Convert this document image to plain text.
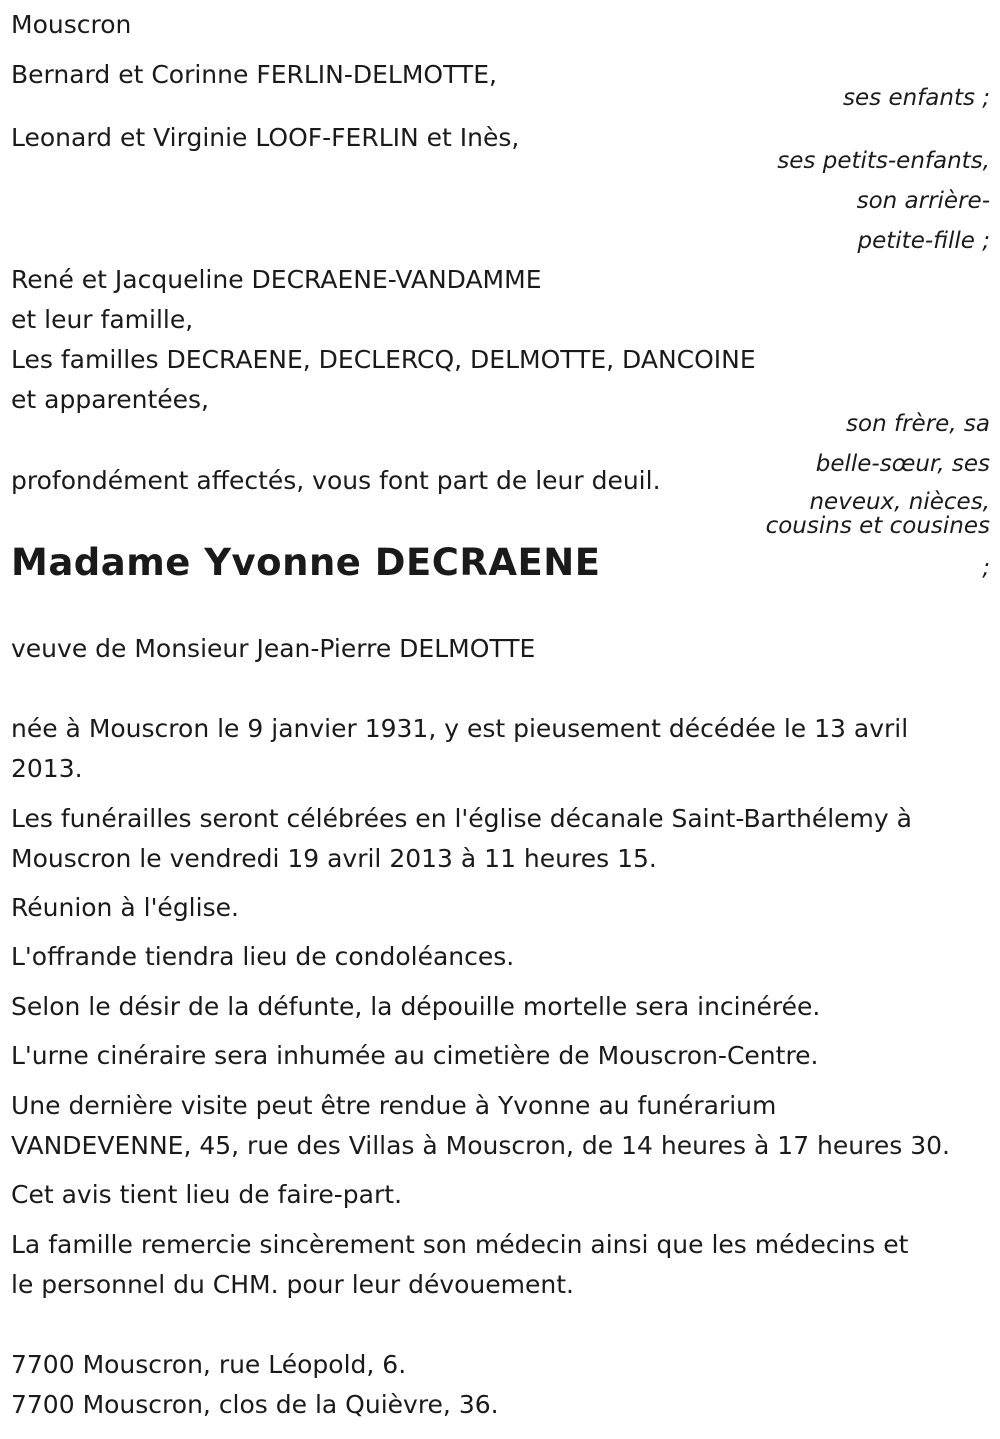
Mouscron

Bernard et Corinne FERLIN-DELMOTTE,

ses enfants ;

Leonard et Virginie LOOF-FERLIN et Inès,

ses petits-enfants,

son arrière-

petite-fille ;

René et Jacqueline DECRAENE-VANDAMME

et leur famille,

Les familles DECRAENE, DECLERCQ, DELMOTTE, DANCOINE

et apparentées,

son frère, sa

belle-sœur, ses

neveux, nièces,

cousins et cousines

;

profondément affectés, vous font part de leur deuil.

Madame Yvonne DECRAENE

veuve de Monsieur Jean-Pierre DELMOTTE

née à Mouscron le 9 janvier 1931, y est pieusement décédée le 13 avril

2013.

Les funérailles seront célébrées en l'église décanale Saint-Barthélemy à

Mouscron le vendredi 19 avril 2013 à 11 heures 15.

Réunion à l'église.

L'offrande tiendra lieu de condoléances.

Selon le désir de la défunte, la dépouille mortelle sera incinérée.

L'urne cinéraire sera inhumée au cimetière de Mouscron-Centre.

Une dernière visite peut être rendue à Yvonne au funérarium

VANDEVENNE, 45, rue des Villas à Mouscron, de 14 heures à 17 heures 30.

Cet avis tient lieu de faire-part.

La famille remercie sincèrement son médecin ainsi que les médecins et

le personnel du CHM. pour leur dévouement.

7700 Mouscron, rue Léopold, 6.

7700 Mouscron, clos de la Quièvre, 36.
